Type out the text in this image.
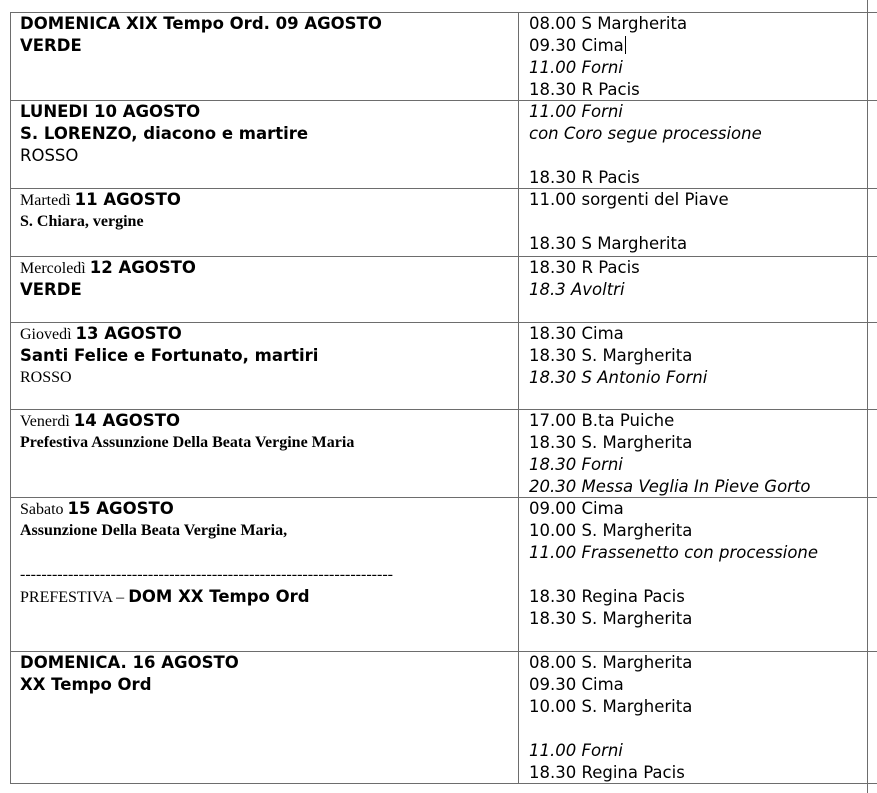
DOMENICA XIX Tempo Ord. 09 AGOSTO
VERDE
08.00 S Margherita
09.30 Cima
11.00 Forni
18.30 R Pacis
LUNEDI 10 AGOSTO
S. LORENZO, diacono e martire
ROSSO
11.00 Forni
con Coro segue processione
18.30 R Pacis
Martedì 11 AGOSTO
S. Chiara, vergine
11.00 sorgenti del Piave
18.30 S Margherita
Mercoledì 12 AGOSTO
VERDE
18.30 R Pacis
18.3 Avoltri
Giovedì 13 AGOSTO
Santi Felice e Fortunato, martiri
ROSSO
18.30 Cima
18.30 S. Margherita
18.30 S Antonio Forni
Venerdì 14 AGOSTO
Prefestiva Assunzione Della Beata Vergine Maria
17.00 B.ta Puiche
18.30 S. Margherita
18.30 Forni
20.30 Messa Veglia In Pieve Gorto
Sabato 15 AGOSTO
Assunzione Della Beata Vergine Maria,
----------------------------------------------------------------------
PREFESTIVA – DOM XX Tempo Ord
09.00 Cima
10.00 S. Margherita
11.00 Frassenetto con processione
18.30 Regina Pacis
18.30 S. Margherita
DOMENICA. 16 AGOSTO
XX Tempo Ord
08.00 S. Margherita
09.30 Cima
10.00 S. Margherita
11.00 Forni
18.30 Regina Pacis
